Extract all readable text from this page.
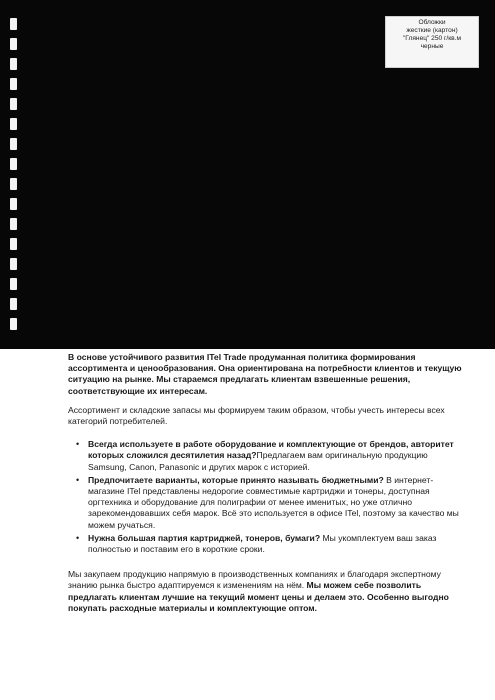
Обложки
жесткие (картон)
"Глянец" 250 г/кв.м
черные

В основе устойчивого развития ITel Trade продуманная политика формирования ассортимента и ценообразования. Она ориентирована на потребности клиентов и текущую ситуацию на рынке. Мы стараемся предлагать клиентам взвешенные решения, соответствующие их интересам.

Ассортимент и складские запасы мы формируем таким образом, чтобы учесть интересы всех категорий потребителей.

• Всегда используете в работе оборудование и комплектующие от брендов, авторитет которых сложился десятилетия назад?Предлагаем вам оригинальную продукцию Samsung, Canon, Panasonic и других марок с историей.
• Предпочитаете варианты, которые принято называть бюджетными? В интернет-магазине ITel представлены недорогие совместимые картриджи и тонеры, доступная оргтехника и оборудование для полиграфии от менее именитых, но уже отлично зарекомендовавших себя марок. Всё это используется в офисе ITel, поэтому за качество мы можем ручаться.
• Нужна большая партия картриджей, тонеров, бумаги? Мы укомплектуем ваш заказ полностью и поставим его в короткие сроки.

Мы закупаем продукцию напрямую в производственных компаниях и благодаря экспертному знанию рынка быстро адаптируемся к изменениям на нём. Мы можем себе позволить предлагать клиентам лучшие на текущий момент цены и делаем это. Особенно выгодно покупать расходные материалы и комплектующие оптом.
